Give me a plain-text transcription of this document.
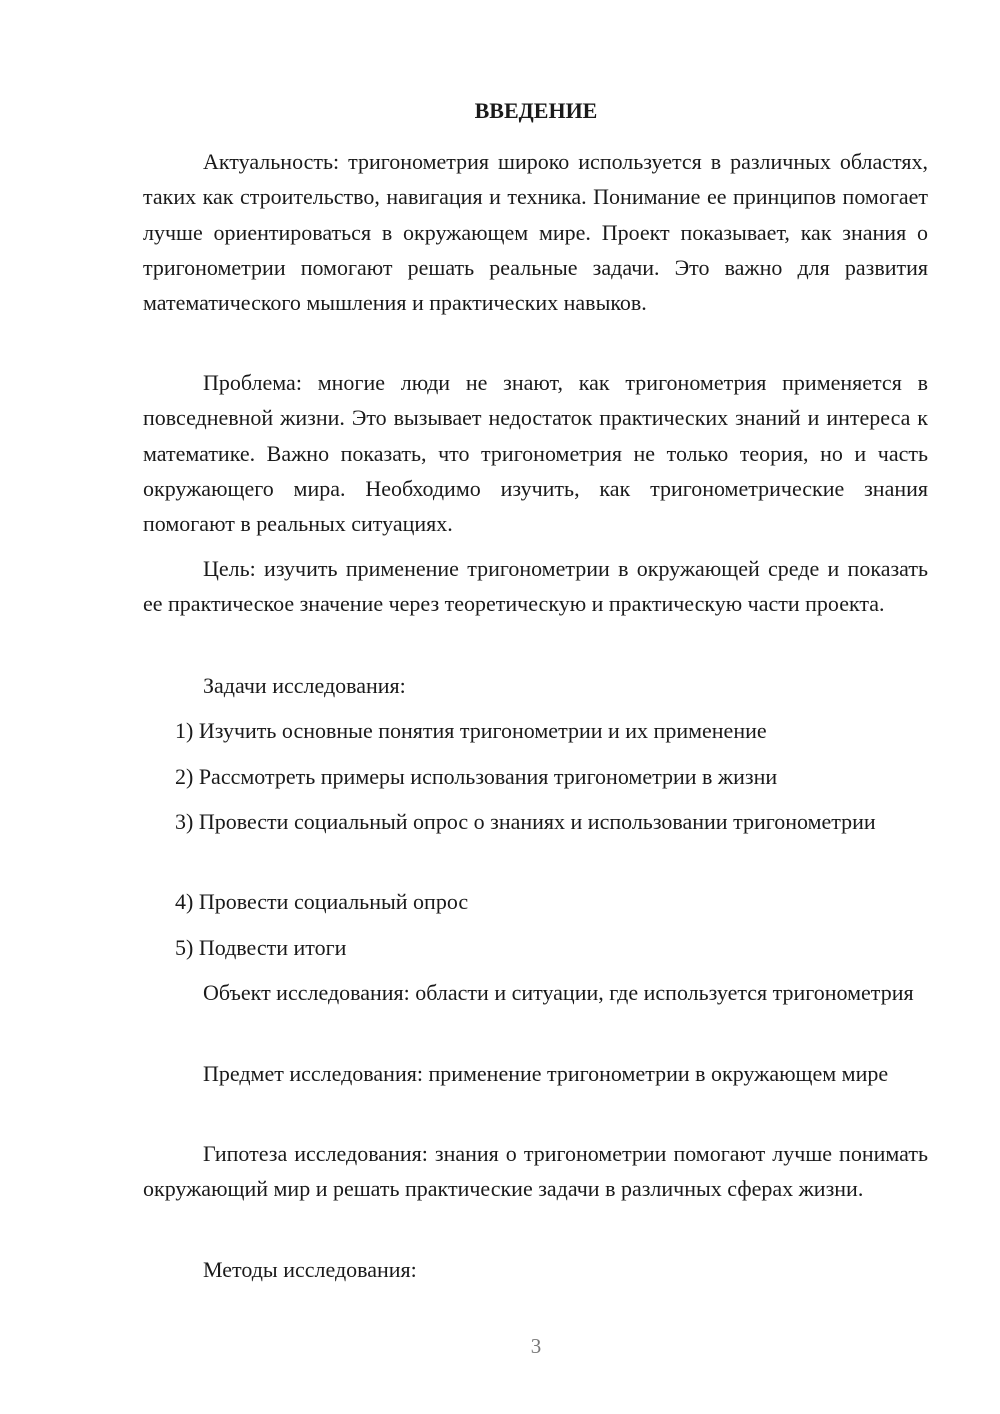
ВВЕДЕНИЕ

Актуальность: тригонометрия широко используется в различных областях, таких как строительство, навигация и техника. Понимание ее принципов помогает лучше ориентироваться в окружающем мире. Проект показывает, как знания о тригонометрии помогают решать реальные задачи. Это важно для развития математического мышления и практических навыков.

Проблема: многие люди не знают, как тригонометрия применяется в повседневной жизни. Это вызывает недостаток практических знаний и интереса к математике. Важно показать, что тригонометрия не только теория, но и часть окружающего мира. Необходимо изучить, как тригонометрические знания помогают в реальных ситуациях.

Цель: изучить применение тригонометрии в окружающей среде и показать ее практическое значение через теоретическую и практическую части проекта.

Задачи исследования:

1) Изучить основные понятия тригонометрии и их применение

2) Рассмотреть примеры использования тригонометрии в жизни

3) Провести социальный опрос о знаниях и использовании тригонометрии

4) Провести социальный опрос

5) Подвести итоги

Объект исследования: области и ситуации, где используется тригонометрия

Предмет исследования: применение тригонометрии в окружающем мире

Гипотеза исследования: знания о тригонометрии помогают лучше понимать окружающий мир и решать практические задачи в различных сферах жизни.

Методы исследования:

3
